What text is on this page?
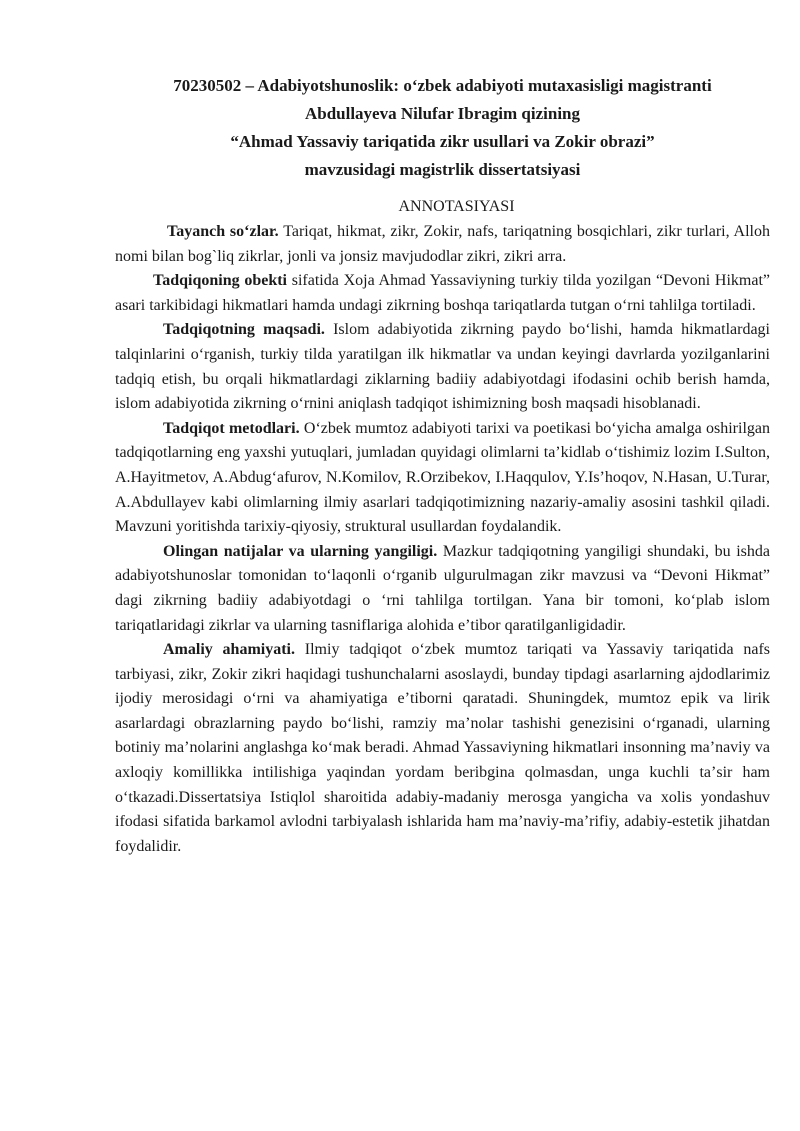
70230502 – Adabiyotshunoslik: oʻzbek adabiyoti mutaxasisligi magistranti
Abdullayeva Nilufar Ibragim qizining
“Ahmad Yassaviy tariqatida zikr usullari va Zokir obrazi”
mavzusidagi magistrlik dissertatsiyasi
ANNOTASIYASI

Tayanch soʻzlar. Tariqat, hikmat, zikr, Zokir, nafs, tariqatning bosqichlari, zikr turlari, Alloh nomi bilan bog`liq zikrlar, jonli va jonsiz mavjudodlar zikri, zikri arra.

Tadqiqoning obekti sifatida Xoja Ahmad Yassaviyning turkiy tilda yozilgan “Devoni Hikmat” asari tarkibidagi hikmatlari hamda undagi zikrning boshqa tariqatlarda tutgan oʻrni tahlilga tortiladi.

Tadqiqotning maqsadi. Islom adabiyotida zikrning paydo boʻlishi, hamda hikmatlardagi talqinlarini oʻrganish, turkiy tilda yaratilgan ilk hikmatlar va undan keyingi davrlarda yozilganlarini tadqiq etish, bu orqali hikmatlardagi ziklarning badiiy adabiyotdagi ifodasini ochib berish hamda, islom adabiyotida zikrning oʻrnini aniqlash tadqiqot ishimizning bosh maqsadi hisoblanadi.

Tadqiqot metodlari. Oʻzbek mumtoz adabiyoti tarixi va poetikasi boʻyicha amalga oshirilgan tadqiqotlarning eng yaxshi yutuqlari, jumladan quyidagi olimlarni taʼkidlab oʻtishimiz lozim I.Sulton, A.Hayitmetov, A.Abdugʻafurov, N.Komilov, R.Orzibekov, I.Haqqulov, Y.Isʼhoqov, N.Hasan, U.Turar, A.Abdullayev kabi olimlarning ilmiy asarlari tadqiqotimizning nazariy-amaliy asosini tashkil qiladi. Mavzuni yoritishda tarixiy-qiyosiy, struktural usullardan foydalandik.

Olingan natijalar va ularning yangiligi. Mazkur tadqiqotning yangiligi shundaki, bu ishda adabiyotshunoslar tomonidan toʻlaqonli oʻrganib ulgurulmagan zikr mavzusi va “Devoni Hikmat” dagi zikrning badiiy adabiyotdagi o ʻrni tahlilga tortilgan. Yana bir tomoni, koʻplab islom tariqatlaridagi zikrlar va ularning tasniflariga alohida eʼtibor qaratilganligidadir.

Amaliy ahamiyati. Ilmiy tadqiqot oʻzbek mumtoz tariqati va Yassaviy tariqatida nafs tarbiyasi, zikr, Zokir zikri haqidagi tushunchalarni asoslaydi, bunday tipdagi asarlarning ajdodlarimiz ijodiy merosidagi oʻrni va ahamiyatiga eʼtiborni qaratadi. Shuningdek, mumtoz epik va lirik asarlardagi obrazlarning paydo boʻlishi, ramziy maʼnolar tashishi genezisini oʻrganadi, ularning botiniy maʼnolarini anglashga koʻmak beradi. Ahmad Yassaviyning hikmatlari insonning maʼnaviy va axloqiy komillikka intilishiga yaqindan yordam beribgina qolmasdan, unga kuchli taʼsir ham oʻtkazadi.Dissertatsiya Istiqlol sharoitida adabiy-madaniy merosga yangicha va xolis yondashuv ifodasi sifatida barkamol avlodni tarbiyalash ishlarida ham maʼnaviy-maʼrifiy, adabiy-estetik jihatdan foydalidir.
